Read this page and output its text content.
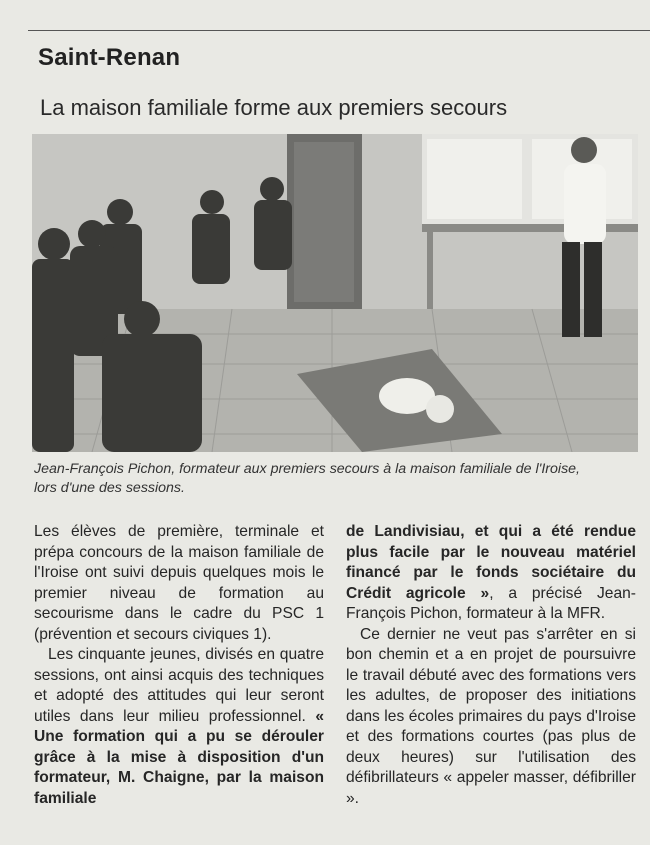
Saint-Renan
La maison familiale forme aux premiers secours
Jean-François Pichon, formateur aux premiers secours à la maison familiale de l'Iroise, lors d'une des sessions.

Les élèves de première, terminale et prépa concours de la maison familiale de l'Iroise ont suivi depuis quelques mois le premier niveau de formation au secourisme dans le cadre du PSC 1 (prévention et secours civiques 1).

Les cinquante jeunes, divisés en quatre sessions, ont ainsi acquis des techniques et adopté des attitudes qui leur seront utiles dans leur milieu professionnel. « Une formation qui a pu se dérouler grâce à la mise à disposition d'un formateur, M. Chaigne, par la maison familiale

de Landivisiau, et qui a été rendue plus facile par le nouveau matériel financé par le fonds sociétaire du Crédit agricole », a précisé Jean-François Pichon, formateur à la MFR.

Ce dernier ne veut pas s'arrêter en si bon chemin et a en projet de poursuivre le travail débuté avec des formations vers les adultes, de proposer des initiations dans les écoles primaires du pays d'Iroise et des formations courtes (pas plus de deux heures) sur l'utilisation des défibrillateurs « appeler masser, défibriller ».
